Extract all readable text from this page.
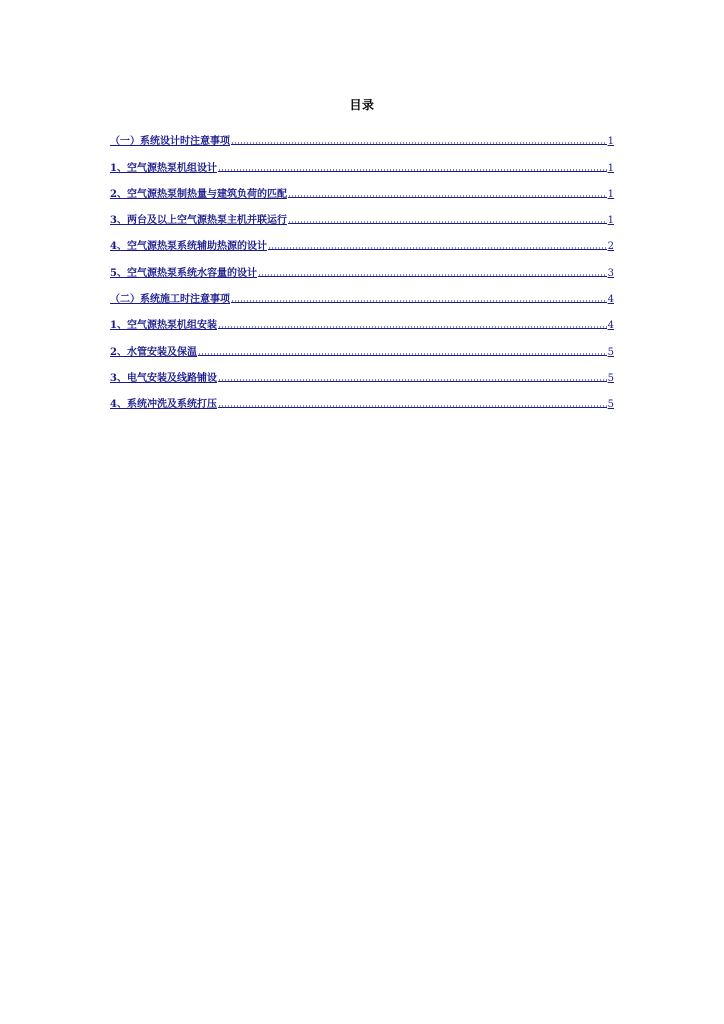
目录
（一）系统设计时注意事项	1
1、空气源热泵机组设计	1
2、空气源热泵制热量与建筑负荷的匹配	1
3、两台及以上空气源热泵主机并联运行	1
4、空气源热泵系统辅助热源的设计	2
5、空气源热泵系统水容量的设计	3
（二）系统施工时注意事项	4
1、空气源热泵机组安装	4
2、水管安装及保温	5
3、电气安装及线路铺设	5
4、系统冲洗及系统打压	5
